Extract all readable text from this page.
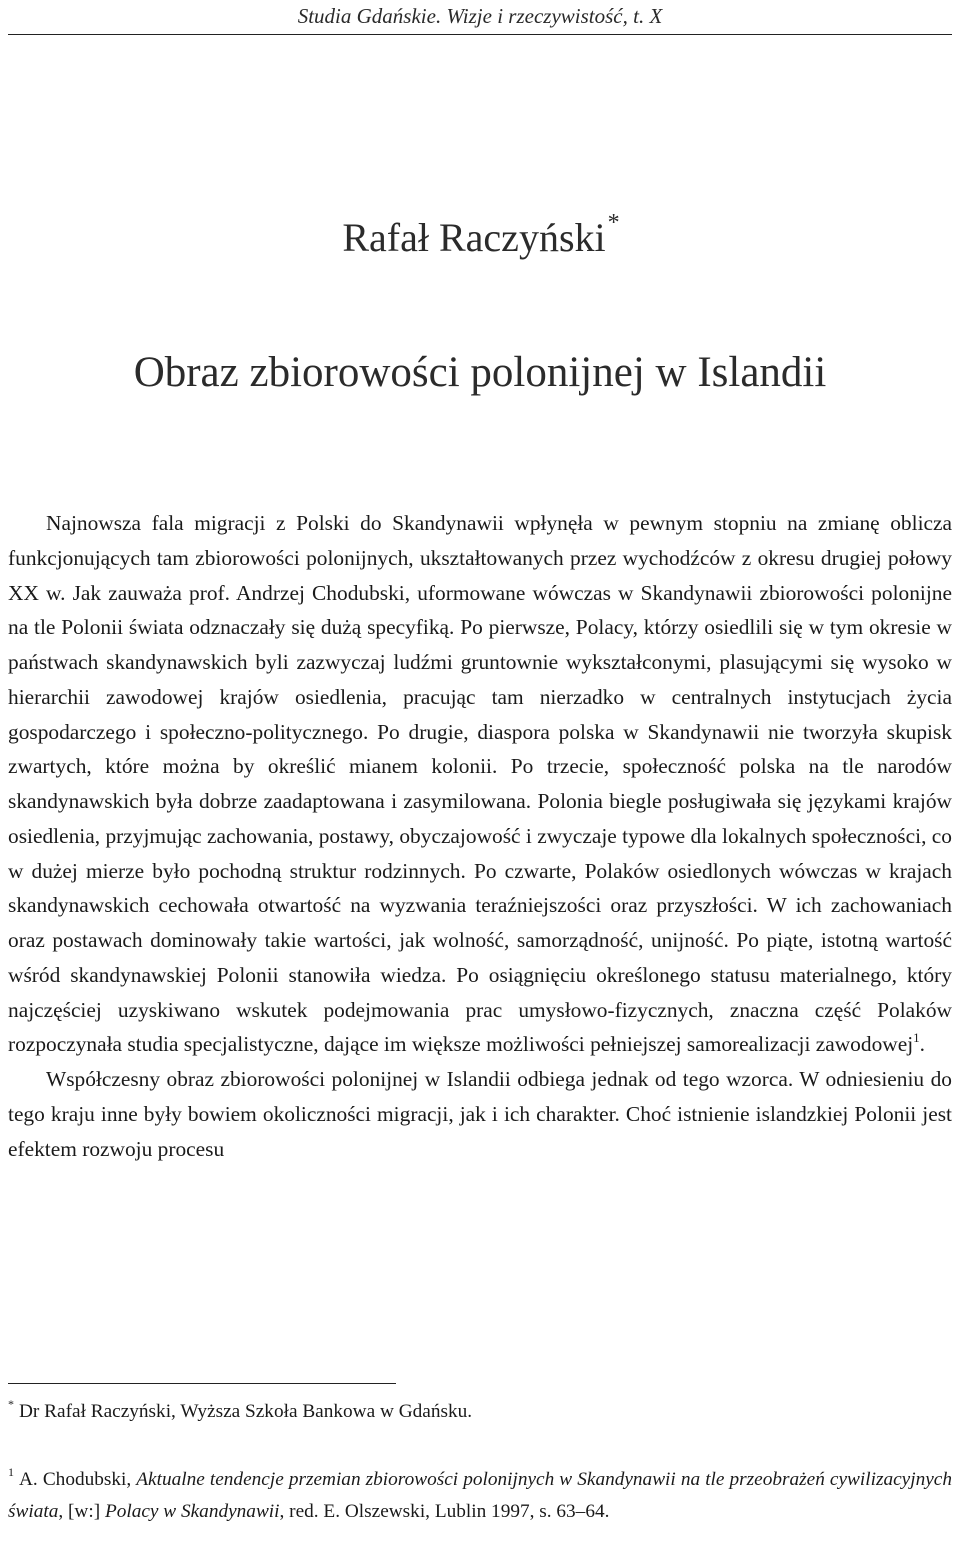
Studia Gdańskie. Wizje i rzeczywistość, t. X

Rafał Raczyński*
Obraz zbiorowości polonijnej w Islandii

Najnowsza fala migracji z Polski do Skandynawii wpłynęła w pewnym stopniu na zmianę oblicza funkcjonujących tam zbiorowości polonijnych, ukształtowanych przez wychodźców z okresu drugiej połowy XX w. Jak zauważa prof. Andrzej Chodubski, uformowane wówczas w Skandynawii zbiorowości polonijne na tle Polonii świata odznaczały się dużą specyfiką. Po pierwsze, Polacy, którzy osiedlili się w tym okresie w państwach skandynawskich byli zazwyczaj ludźmi gruntownie wykształconymi, plasującymi się wysoko w hierarchii zawodowej krajów osiedlenia, pracując tam nierzadko w centralnych instytucjach życia gospodarczego i społeczno-politycznego. Po drugie, diaspora polska w Skandynawii nie tworzyła skupisk zwartych, które można by określić mianem kolonii. Po trzecie, społeczność polska na tle narodów skandynawskich była dobrze zaadaptowana i zasymilowana. Polonia biegle posługiwała się językami krajów osiedlenia, przyjmując zachowania, postawy, obyczajowość i zwyczaje typowe dla lokalnych społeczności, co w dużej mierze było pochodną struktur rodzinnych. Po czwarte, Polaków osiedlonych wówczas w krajach skandynawskich cechowała otwartość na wyzwania teraźniejszości oraz przyszłości. W ich zachowaniach oraz postawach dominowały takie wartości, jak wolność, samorządność, unijność. Po piąte, istotną wartość wśród skandynawskiej Polonii stanowiła wiedza. Po osiągnięciu określonego statusu materialnego, który najczęściej uzyskiwano wskutek podejmowania prac umysłowo-fizycznych, znaczna część Polaków rozpoczynała studia specjalistyczne, dające im większe możliwości pełniejszej samorealizacji zawodowej$^1$.

Współczesny obraz zbiorowości polonijnej w Islandii odbiega jednak od tego wzorca. W odniesieniu do tego kraju inne były bowiem okoliczności migracji, jak i ich charakter. Choć istnienie islandzkiej Polonii jest efektem rozwoju procesu

* Dr Rafał Raczyński, Wyższa Szkoła Bankowa w Gdańsku.

$^1$ A. Chodubski, Aktualne tendencje przemian zbiorowości polonijnych w Skandynawii na tle przeobrażeń cywilizacyjnych świata, [w:] Polacy w Skandynawii, red. E. Olszewski, Lublin 1997, s. 63–64.
